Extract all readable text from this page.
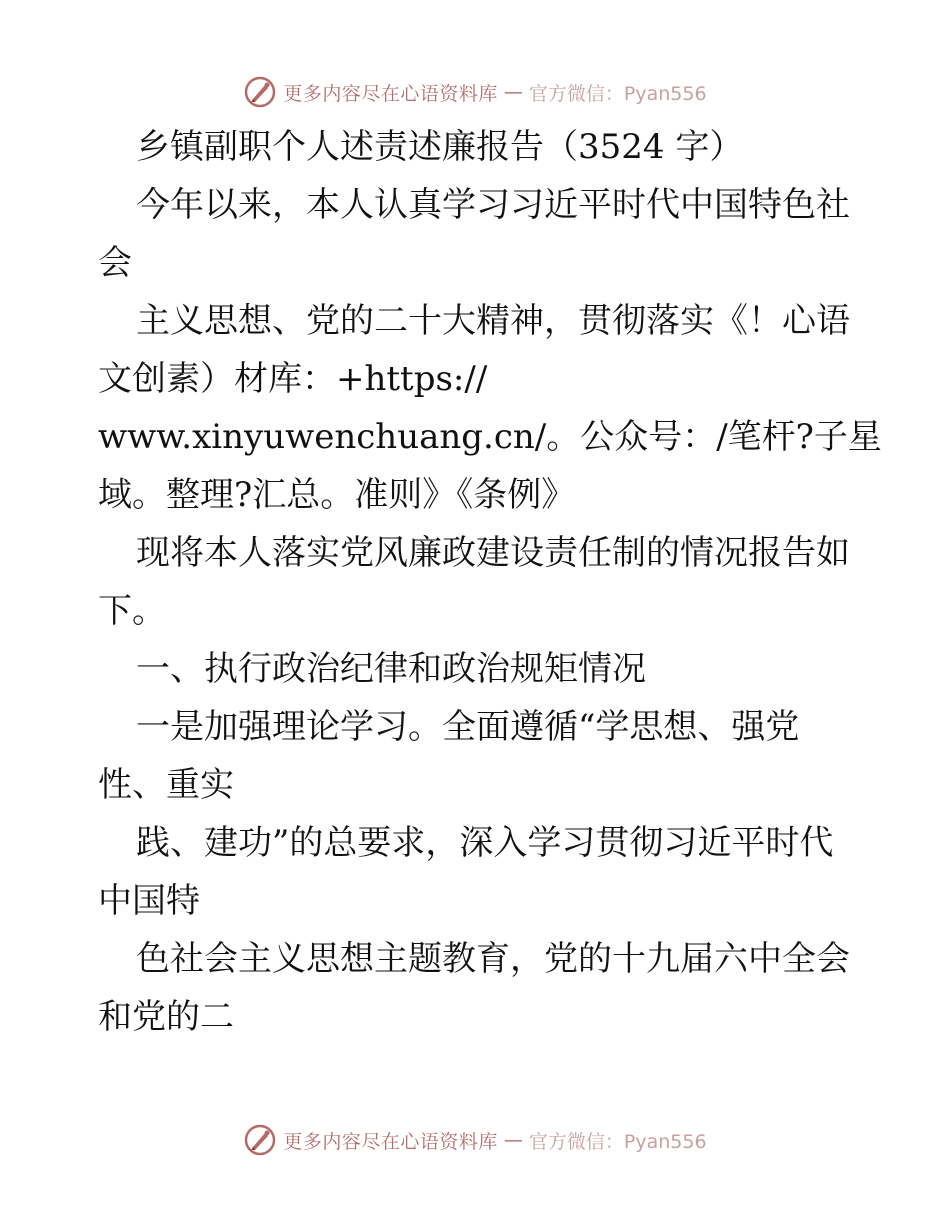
更多内容尽在心语资料库 — 官方微信：Pyan556
乡镇副职个人述责述廉报告（3524 字）
今年以来，本人认真学习习近平时代中国特色社
会
主义思想、党的二十大精神，贯彻落实《！心语
文创素）材库：+https://
www.xinyuwenchuang.cn/。公众号：/笔杆?子星
域。整理?汇总。准则》《条例》
现将本人落实党风廉政建设责任制的情况报告如
下。
一、执行政治纪律和政治规矩情况
一是加强理论学习。全面遵循“学思想、强党
性、重实
践、建功”的总要求，深入学习贯彻习近平时代
中国特
色社会主义思想主题教育，党的十九届六中全会
和党的二
更多内容尽在心语资料库 — 官方微信：Pyan556
